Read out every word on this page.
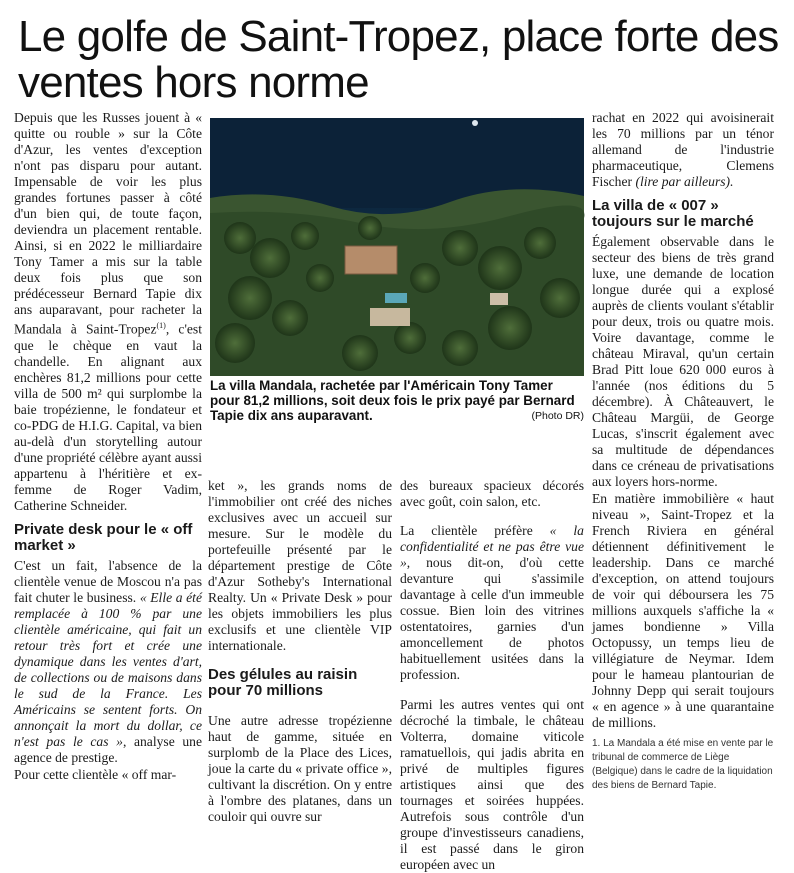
Le golfe de Saint-Tropez, place forte des ventes hors norme

Depuis que les Russes jouent à « quitte ou rouble » sur la Côte d'Azur, les ventes d'exception n'ont pas disparu pour autant. Impensable de voir les plus grandes fortunes passer à côté d'un bien qui, de toute façon, deviendra un placement rentable. Ainsi, si en 2022 le milliardaire Tony Tamer a mis sur la table deux fois plus que son prédécesseur Bernard Tapie dix ans auparavant, pour racheter la Mandala à Saint-Tropez$^{(1)}$, c'est que le chèque en vaut la chandelle. En alignant aux enchères 81,2 millions pour cette villa de 500 m² qui surplombe la baie tropézienne, le fondateur et co-PDG de H.I.G. Capital, va bien au-delà d'un storytelling autour d'une propriété célèbre ayant aussi appartenu à l'héritière et ex-femme de Roger Vadim, Catherine Schneider.

Private desk pour le « off market »

C'est un fait, l'absence de la clientèle venue de Moscou n'a pas fait chuter le business. « Elle a été remplacée à 100 % par une clientèle américaine, qui fait un retour très fort et crée une dynamique dans les ventes d'art, de collections ou de maisons dans le sud de la France. Les Américains se sentent forts. On annonçait la mort du dollar, ce n'est pas le cas », analyse une agence de prestige.

Pour cette clientèle « off mar-

La villa Mandala, rachetée par l'Américain Tony Tamer pour 81,2 millions, soit deux fois le prix payé par Bernard Tapie dix ans auparavant.	(Photo DR)

ket », les grands noms de l'immobilier ont créé des niches exclusives avec un accueil sur mesure. Sur le modèle du portefeuille présenté par le département prestige de Côte d'Azur Sotheby's International Realty. Un « Private Desk » pour les objets immobiliers les plus exclusifs et une clientèle VIP internationale.

Des gélules au raisin pour 70 millions

Une autre adresse tropézienne haut de gamme, située en surplomb de la Place des Lices, joue la carte du « private office », cultivant la discrétion. On y entre à l'ombre des platanes, dans un couloir qui ouvre sur

des bureaux spacieux décorés avec goût, coin salon, etc.

La clientèle préfère « la confidentialité et ne pas être vue », nous dit-on, d'où cette devanture qui s'assimile davantage à celle d'un immeuble cossue. Bien loin des vitrines ostentatoires, garnies d'un amoncellement de photos habituellement usitées dans la profession.

Parmi les autres ventes qui ont décroché la timbale, le château Volterra, domaine viticole ramatuellois, qui jadis abrita en privé de multiples figures artistiques ainsi que des tournages et soirées huppées. Autrefois sous contrôle d'un groupe d'investisseurs canadiens, il est passé dans le giron européen avec un

rachat en 2022 qui avoisinerait les 70 millions par un ténor allemand de l'industrie pharmaceutique, Clemens Fischer (lire par ailleurs).

La villa de « 007 » toujours sur le marché

Également observable dans le secteur des biens de très grand luxe, une demande de location longue durée qui a explosé auprès de clients voulant s'établir pour deux, trois ou quatre mois. Voire davantage, comme le château Miraval, qu'un certain Brad Pitt loue 620 000 euros à l'année (nos éditions du 5 décembre). À Châteauvert, le Château Margüi, de George Lucas, s'inscrit également avec sa multitude de dépendances dans ce créneau de privatisations aux loyers hors-norme.

En matière immobilière « haut niveau », Saint-Tropez et la French Riviera en général détiennent définitivement le leadership. Dans ce marché d'exception, on attend toujours de voir qui déboursera les 75 millions auxquels s'affiche la « james bondienne » Villa Octopussy, un temps lieu de villégiature de Neymar. Idem pour le hameau plantourian de Johnny Depp qui serait toujours « en agence » à une quarantaine de millions.

1. La Mandala a été mise en vente par le tribunal de commerce de Liège (Belgique) dans le cadre de la liquidation des biens de Bernard Tapie.
